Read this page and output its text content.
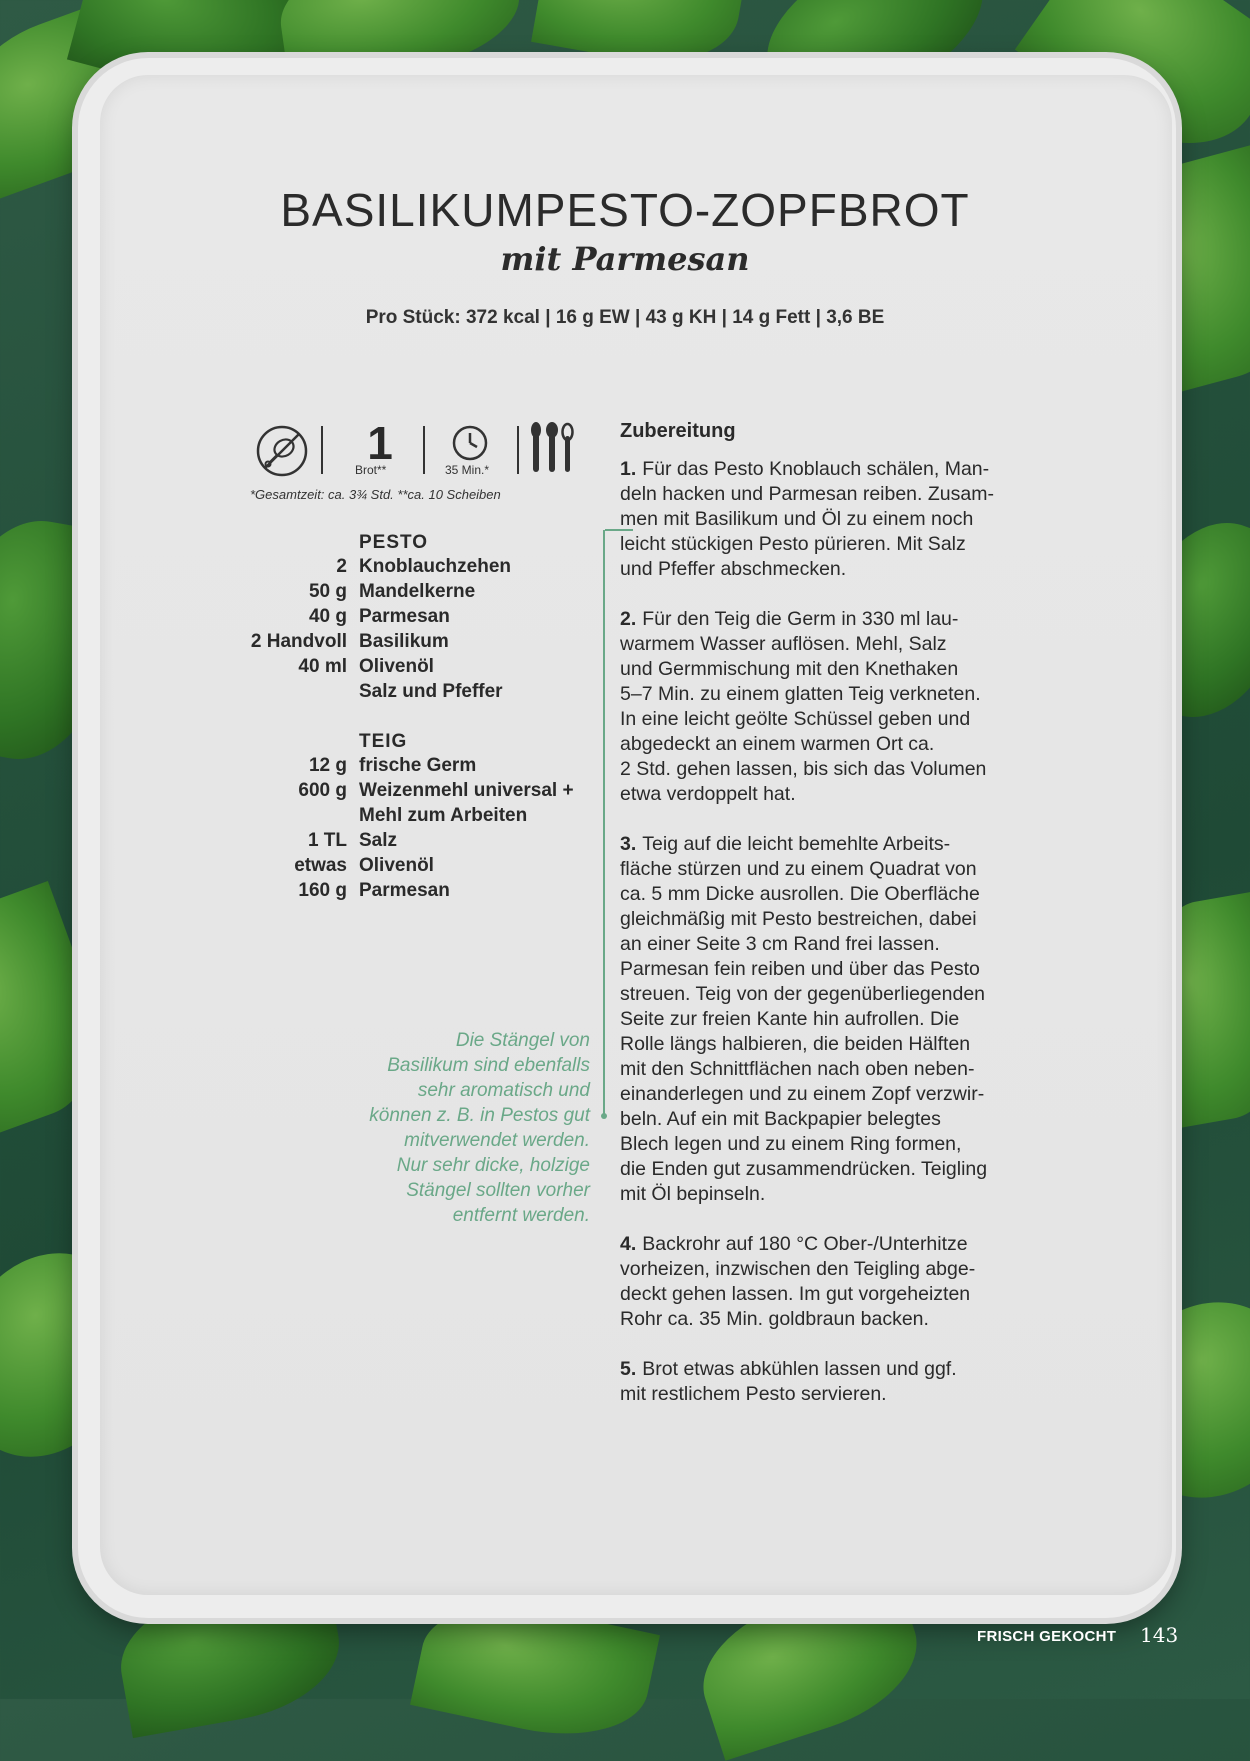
BASILIKUMPESTO-ZOPFBROT
mit Parmesan
Pro Stück: 372 kcal | 16 g EW | 43 g KH | 14 g Fett | 3,6 BE
1
Brot**	35 Min.*
*Gesamtzeit: ca. 3¾ Std. **ca. 10 Scheiben
PESTO
2 Knoblauchzehen
50 g Mandelkerne
40 g Parmesan
2 Handvoll Basilikum
40 ml Olivenöl
Salz und Pfeffer
TEIG
12 g frische Germ
600 g Weizenmehl universal +
Mehl zum Arbeiten
1 TL Salz
etwas Olivenöl
160 g Parmesan
Die Stängel von
Basilikum sind ebenfalls
sehr aromatisch und
können z. B. in Pestos gut
mitverwendet werden.
Nur sehr dicke, holzige
Stängel sollten vorher
entfernt werden.
Zubereitung
1. Für das Pesto Knoblauch schälen, Man-
deln hacken und Parmesan reiben. Zusam-
men mit Basilikum und Öl zu einem noch
leicht stückigen Pesto pürieren. Mit Salz
und Pfeffer abschmecken.
2. Für den Teig die Germ in 330 ml lau-
warmem Wasser auflösen. Mehl, Salz
und Germmischung mit den Knethaken
5–7 Min. zu einem glatten Teig verkneten.
In eine leicht geölte Schüssel geben und
abgedeckt an einem warmen Ort ca.
2 Std. gehen lassen, bis sich das Volumen
etwa verdoppelt hat.
3. Teig auf die leicht bemehlte Arbeits-
fläche stürzen und zu einem Quadrat von
ca. 5 mm Dicke ausrollen. Die Oberfläche
gleichmäßig mit Pesto bestreichen, dabei
an einer Seite 3 cm Rand frei lassen.
Parmesan fein reiben und über das Pesto
streuen. Teig von der gegenüberliegenden
Seite zur freien Kante hin aufrollen. Die
Rolle längs halbieren, die beiden Hälften
mit den Schnittflächen nach oben neben-
einanderlegen und zu einem Zopf verzwir-
beln. Auf ein mit Backpapier belegtes
Blech legen und zu einem Ring formen,
die Enden gut zusammendrücken. Teigling
mit Öl bepinseln.
4. Backrohr auf 180 °C Ober-/Unterhitze
vorheizen, inzwischen den Teigling abge-
deckt gehen lassen. Im gut vorgeheizten
Rohr ca. 35 Min. goldbraun backen.
5. Brot etwas abkühlen lassen und ggf.
mit restlichem Pesto servieren.
FRISCH GEKOCHT 143
